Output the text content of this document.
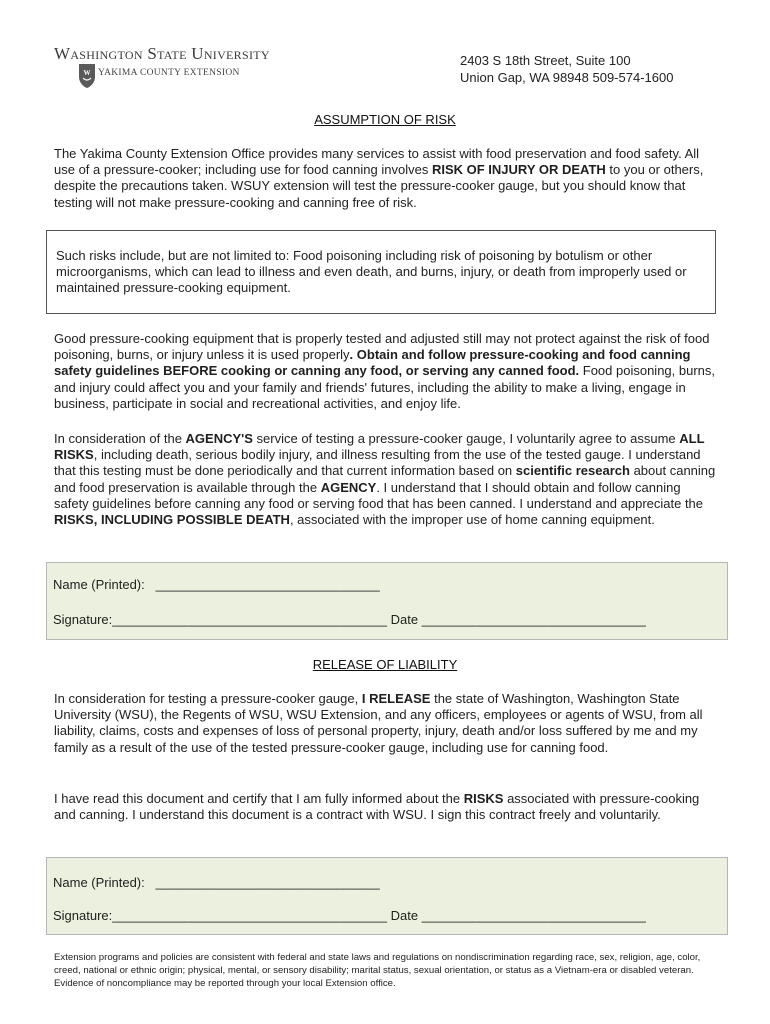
Washington State University
W YAKIMA COUNTY EXTENSION
2403 S 18th Street, Suite 100
Union Gap, WA 98948 509-574-1600
ASSUMPTION OF RISK
The Yakima County Extension Office provides many services to assist with food preservation and food safety. All use of a pressure-cooker; including use for food canning involves RISK OF INJURY OR DEATH to you or others, despite the precautions taken. WSUY extension will test the pressure-cooker gauge, but you should know that testing will not make pressure-cooking and canning free of risk.
Such risks include, but are not limited to: Food poisoning including risk of poisoning by botulism or other microorganisms, which can lead to illness and even death, and burns, injury, or death from improperly used or maintained pressure-cooking equipment.
Good pressure-cooking equipment that is properly tested and adjusted still may not protect against the risk of food poisoning, burns, or injury unless it is used properly. Obtain and follow pressure-cooking and food canning safety guidelines BEFORE cooking or canning any food, or serving any canned food. Food poisoning, burns, and injury could affect you and your family and friends' futures, including the ability to make a living, engage in business, participate in social and recreational activities, and enjoy life.
In consideration of the AGENCY'S service of testing a pressure-cooker gauge, I voluntarily agree to assume ALL RISKS, including death, serious bodily injury, and illness resulting from the use of the tested gauge. I understand that this testing must be done periodically and that current information based on scientific research about canning and food preservation is available through the AGENCY. I understand that I should obtain and follow canning safety guidelines before canning any food or serving food that has been canned. I understand and appreciate the RISKS, INCLUDING POSSIBLE DEATH, associated with the improper use of home canning equipment.
Name (Printed): _______________________________
Signature:______________________________________ Date _______________________________
RELEASE OF LIABILITY
In consideration for testing a pressure-cooker gauge, I RELEASE the state of Washington, Washington State University (WSU), the Regents of WSU, WSU Extension, and any officers, employees or agents of WSU, from all liability, claims, costs and expenses of loss of personal property, injury, death and/or loss suffered by me and my family as a result of the use of the tested pressure-cooker gauge, including use for canning food.
I have read this document and certify that I am fully informed about the RISKS associated with pressure-cooking and canning. I understand this document is a contract with WSU. I sign this contract freely and voluntarily.
Name (Printed): _______________________________
Signature:______________________________________ Date _______________________________
Extension programs and policies are consistent with federal and state laws and regulations on nondiscrimination regarding race, sex, religion, age, color, creed, national or ethnic origin; physical, mental, or sensory disability; marital status, sexual orientation, or status as a Vietnam-era or disabled veteran. Evidence of noncompliance may be reported through your local Extension office.
